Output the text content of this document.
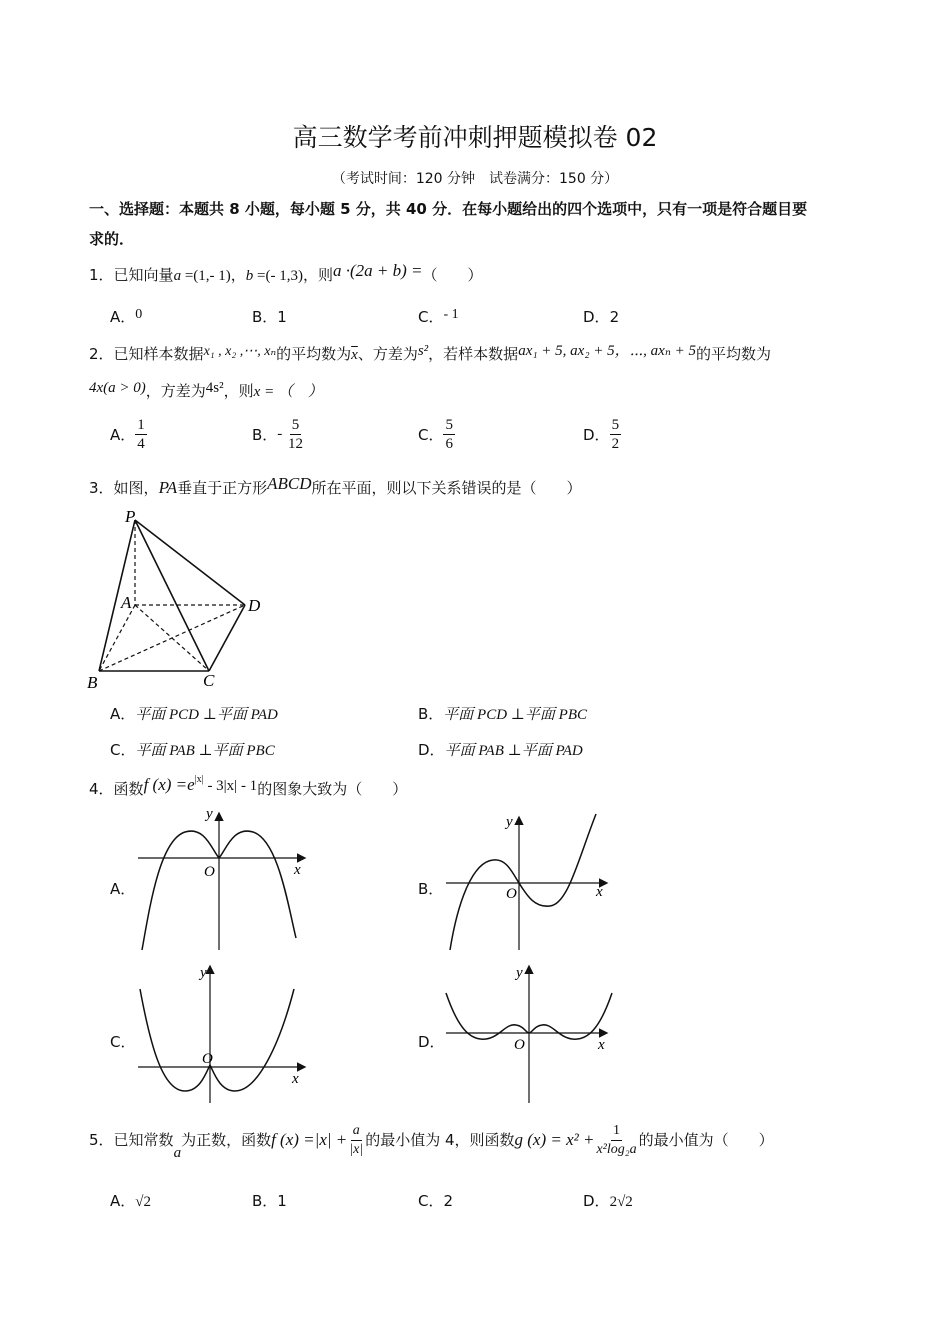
高三数学考前冲刺押题模拟卷 02
（考试时间：120 分钟　试卷满分：150 分）
一、选择题：本题共 8 小题，每小题 5 分，共 40 分．在每小题给出的四个选项中，只有一项是符合题目要
求的．
1．已知向量a =(1,- 1)，b =(- 1,3)，则a ·(2a + b) =（　　）
A．0	B．1	C．- 1	D．2
2．已知样本数据x₁ , x₂ ,⋯, xₙ的平均数为$\overline{x}$、方差为s²，若样本数据ax₁ + 5, ax₂ + 5，⋯, axₙ + 5的平均数为
4x(a > 0)，方差为4s²，则x = （　）
A． $\frac{1}{4}$	B．- $\frac{5}{12}$	C． $\frac{5}{6}$	D． $\frac{5}{2}$
3．如图，PA垂直于正方形ABCD所在平面，则以下关系错误的是（　　）
P
A
B	C
D
A．平面 PCD ⊥平面 PAD	B．平面 PCD ⊥平面 PBC
C．平面 PAB ⊥平面 PBC	D．平面 PAB ⊥平面 PAD
4．函数f $(x) =e^{|x|} - 3|x| - 1$的图象大致为（　　）
A．
y
x
O
B．
y
x
O
C．
y
x
O
D．
y
x
O
5．已知常数a为正数，函数f $(x) =|x| + \frac{a}{|x|}$ 的最小值为 4，则函数g $(x) = x^2 + \frac{1}{\text{x²log₂a}}$ 的最小值为（　　）
A．√2	B．1	C．2	D．2√2
